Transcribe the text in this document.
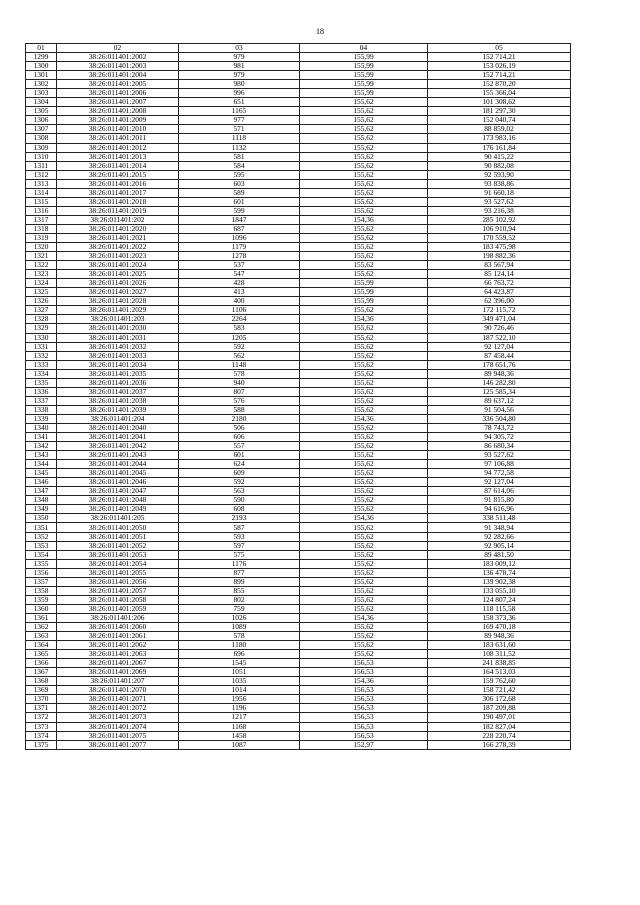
18
01	02	03	04	05
1299	38:26:011401:2002	979	155,99	152 714,21
1300	38:26:011401:2003	981	155,99	153 026,19
1301	38:26:011401:2004	979	155,99	152 714,21
1302	38:26:011401:2005	980	155,99	152 870,20
1303	38:26:011401:2006	996	155,99	155 366,04
1304	38:26:011401:2007	651	155,62	101 308,62
1305	38:26:011401:2008	1165	155,62	181 297,30
1306	38:26:011401:2009	977	155,62	152 040,74
1307	38:26:011401:2010	571	155,62	88 859,02
1308	38:26:011401:2011	1118	155,62	173 983,16
1309	38:26:011401:2012	1132	155,62	176 161,84
1310	38:26:011401:2013	581	155,62	90 415,22
1311	38:26:011401:2014	584	155,62	90 882,08
1312	38:26:011401:2015	595	155,62	92 593,90
1313	38:26:011401:2016	603	155,62	93 838,86
1314	38:26:011401:2017	589	155,62	91 660,18
1315	38:26:011401:2018	601	155,62	93 527,62
1316	38:26:011401:2019	599	155,62	93 216,38
1317	38:26:011401:202	1847	154,36	285 102,92
1318	38:26:011401:2020	687	155,62	106 910,94
1319	38:26:011401:2021	1096	155,62	170 559,52
1320	38:26:011401:2022	1179	155,62	183 475,98
1321	38:26:011401:2023	1278	155,62	198 882,36
1322	38:26:011401:2024	537	155,62	83 567,94
1323	38:26:011401:2025	547	155,62	85 124,14
1324	38:26:011401:2026	428	155,99	66 763,72
1325	38:26:011401:2027	413	155,99	64 423,87
1326	38:26:011401:2028	400	155,99	62 396,00
1327	38:26:011401:2029	1106	155,62	172 115,72
1328	38:26:011401:203	2264	154,36	349 471,04
1329	38:26:011401:2030	583	155,62	90 726,46
1330	38:26:011401:2031	1205	155,62	187 522,10
1331	38:26:011401:2032	592	155,62	92 127,04
1332	38:26:011401:2033	562	155,62	87 458,44
1333	38:26:011401:2034	1148	155,62	178 651,76
1334	38:26:011401:2035	578	155,62	89 948,36
1335	38:26:011401:2036	940	155,62	146 282,80
1336	38:26:011401:2037	807	155,62	125 585,34
1337	38:26:011401:2038	576	155,62	89 637,12
1338	38:26:011401:2039	588	155,62	91 504,56
1339	38:26:011401:204	2180	154,36	336 504,80
1340	38:26:011401:2040	506	155,62	78 743,72
1341	38:26:011401:2041	606	155,62	94 305,72
1342	38:26:011401:2042	557	155,62	86 680,34
1343	38:26:011401:2043	601	155,62	93 527,62
1344	38:26:011401:2044	624	155,62	97 106,88
1345	38:26:011401:2045	609	155,62	94 772,58
1346	38:26:011401:2046	592	155,62	92 127,04
1347	38:26:011401:2047	563	155,62	87 614,06
1348	38:26:011401:2048	590	155,62	91 815,80
1349	38:26:011401:2049	608	155,62	94 616,96
1350	38:26:011401:205	2193	154,36	338 511,48
1351	38:26:011401:2050	587	155,62	91 348,94
1352	38:26:011401:2051	593	155,62	92 282,66
1353	38:26:011401:2052	597	155,62	92 905,14
1354	38:26:011401:2053	575	155,62	89 481,50
1355	38:26:011401:2054	1176	155,62	183 009,12
1356	38:26:011401:2055	877	155,62	136 478,74
1357	38:26:011401:2056	899	155,62	139 902,38
1358	38:26:011401:2057	855	155,62	133 055,10
1359	38:26:011401:2058	802	155,62	124 807,24
1360	38:26:011401:2059	759	155,62	118 115,58
1361	38:26:011401:206	1026	154,36	158 373,36
1362	38:26:011401:2060	1089	155,62	169 470,18
1363	38:26:011401:2061	578	155,62	89 948,36
1364	38:26:011401:2062	1180	155,62	183 631,60
1365	38:26:011401:2063	696	155,62	108 311,52
1366	38:26:011401:2067	1545	156,53	241 838,85
1367	38:26:011401:2069	1051	156,53	164 513,03
1368	38:26:011401:207	1035	154,36	159 762,60
1369	38:26:011401:2070	1014	156,53	158 721,42
1370	38:26:011401:2071	1956	156,53	306 172,68
1371	38:26:011401:2072	1196	156,53	187 209,88
1372	38:26:011401:2073	1217	156,53	190 497,01
1373	38:26:011401:2074	1168	156,53	182 827,04
1374	38:26:011401:2075	1458	156,53	228 220,74
1375	38:26:011401:2077	1087	152,97	166 278,39
